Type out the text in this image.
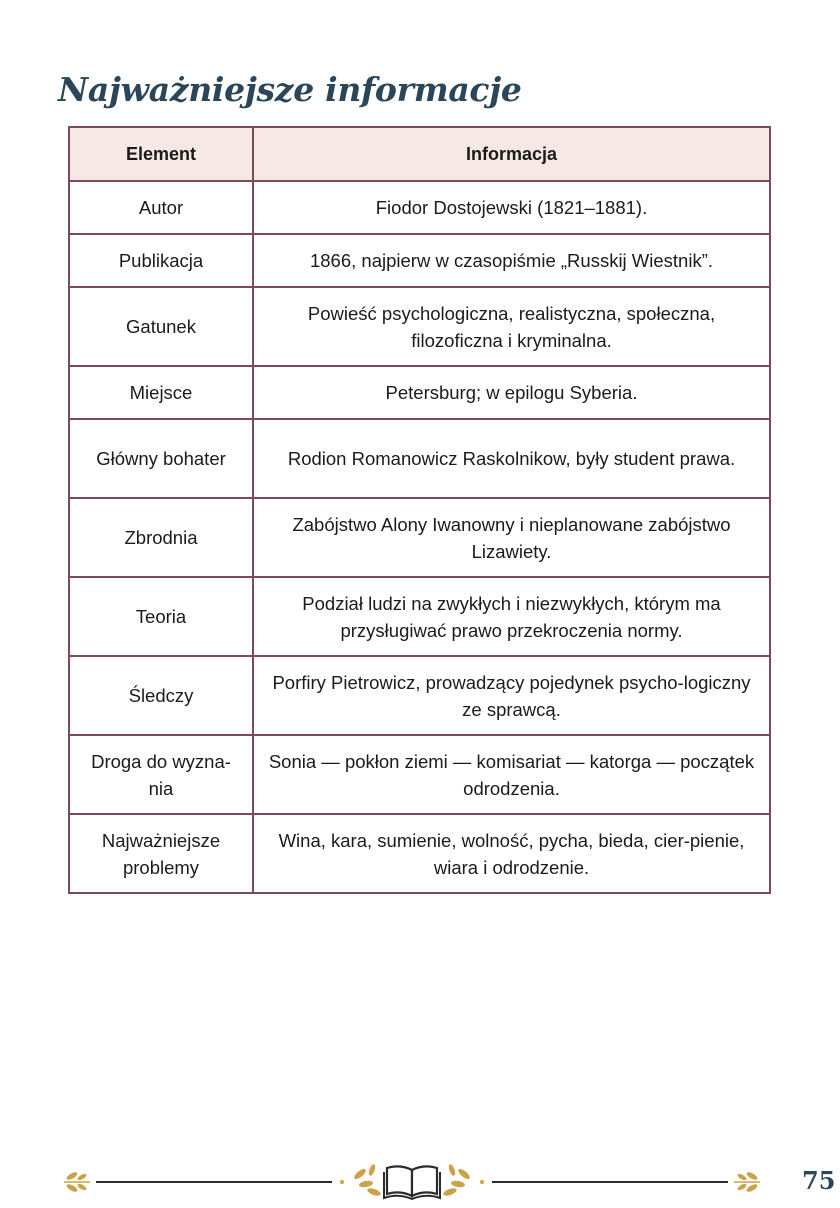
Najważniejsze informacje
Element	Informacja
Autor	Fiodor Dostojewski (1821–1881).
Publikacja	1866, najpierw w czasopiśmie „Russkij Wiestnik”.
Gatunek	Powieść psychologiczna, realistyczna, społeczna, filozoficzna i kryminalna.
Miejsce	Petersburg; w epilogu Syberia.
Główny bohater	Rodion Romanowicz Raskolnikow, były student prawa.
Zbrodnia	Zabójstwo Alony Iwanowny i nieplanowane zabójstwo Lizawiety.
Teoria	Podział ludzi na zwykłych i niezwykłych, którym ma przysługiwać prawo przekroczenia normy.
Śledczy	Porfiry Pietrowicz, prowadzący pojedynek psycho-logiczny ze sprawcą.
Droga do wyzna-nia	Sonia — pokłon ziemi — komisariat — katorga — początek odrodzenia.
Najważniejsze problemy	Wina, kara, sumienie, wolność, pycha, bieda, cier-pienie, wiara i odrodzenie.
75
